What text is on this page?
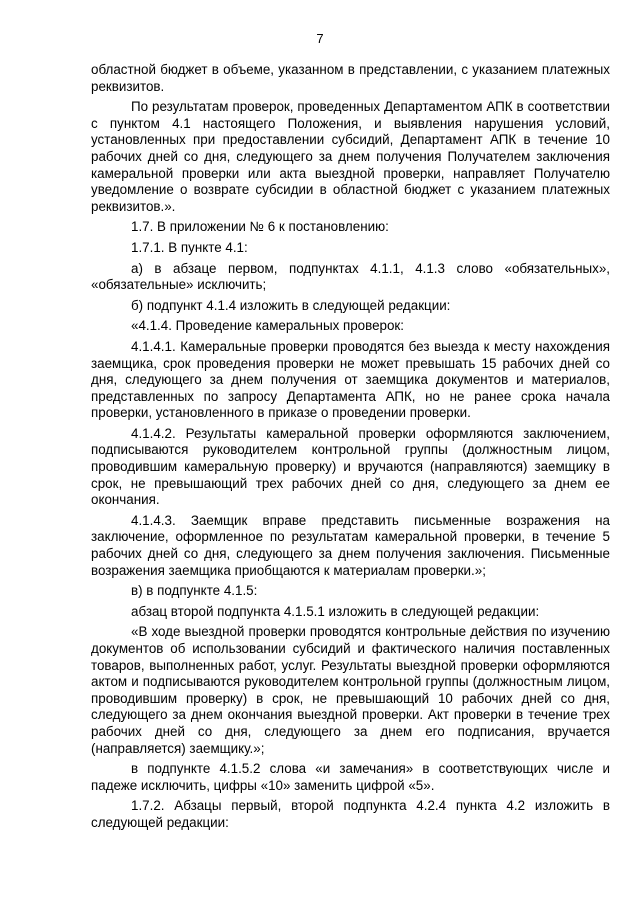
7

областной бюджет в объеме, указанном в представлении, с указанием платежных реквизитов.

По результатам проверок, проведенных Департаментом АПК в соответствии с пунктом 4.1 настоящего Положения, и выявления нарушения условий, установленных при предоставлении субсидий, Департамент АПК в течение 10 рабочих дней со дня, следующего за днем получения Получателем заключения камеральной проверки или акта выездной проверки, направляет Получателю уведомление о возврате субсидии в областной бюджет с указанием платежных реквизитов.».

1.7. В приложении № 6 к постановлению:

1.7.1. В пункте 4.1:

а) в абзаце первом, подпунктах 4.1.1, 4.1.3 слово «обязательных», «обязательные» исключить;

б) подпункт 4.1.4 изложить в следующей редакции:

«4.1.4. Проведение камеральных проверок:

4.1.4.1. Камеральные проверки проводятся без выезда к месту нахождения заемщика, срок проведения проверки не может превышать 15 рабочих дней со дня, следующего за днем получения от заемщика документов и материалов, представленных по запросу Департамента АПК, но не ранее срока начала проверки, установленного в приказе о проведении проверки.

4.1.4.2. Результаты камеральной проверки оформляются заключением, подписываются руководителем контрольной группы (должностным лицом, проводившим камеральную проверку) и вручаются (направляются) заемщику в срок, не превышающий трех рабочих дней со дня, следующего за днем ее окончания.

4.1.4.3. Заемщик вправе представить письменные возражения на заключение, оформленное по результатам камеральной проверки, в течение 5 рабочих дней со дня, следующего за днем получения заключения. Письменные возражения заемщика приобщаются к материалам проверки.»;

в) в подпункте 4.1.5:

абзац второй подпункта 4.1.5.1 изложить в следующей редакции:

«В ходе выездной проверки проводятся контрольные действия по изучению документов об использовании субсидий и фактического наличия поставленных товаров, выполненных работ, услуг. Результаты выездной проверки оформляются актом и подписываются руководителем контрольной группы (должностным лицом, проводившим проверку) в срок, не превышающий 10 рабочих дней со дня, следующего за днем окончания выездной проверки. Акт проверки в течение трех рабочих дней со дня, следующего за днем его подписания, вручается (направляется) заемщику.»;

в подпункте 4.1.5.2 слова «и замечания» в соответствующих числе и падеже исключить, цифры «10» заменить цифрой «5».

1.7.2. Абзацы первый, второй подпункта 4.2.4 пункта 4.2 изложить в следующей редакции:
